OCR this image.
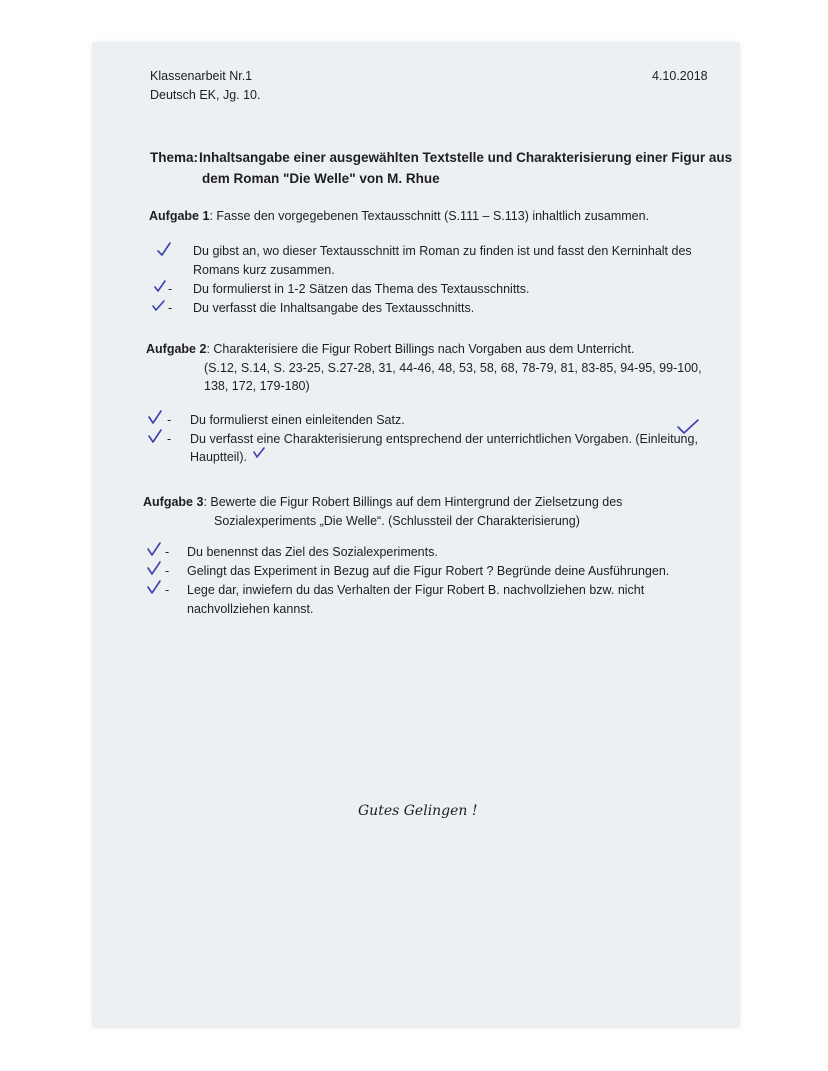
Klassenarbeit Nr.1
Deutsch EK, Jg. 10.
4.10.2018
Thema: Inhaltsangabe einer ausgewählten Textstelle und Charakterisierung einer Figur aus
dem Roman "Die Welle" von M. Rhue
Aufgabe 1: Fasse den vorgegebenen Textausschnitt (S.111 – S.113) inhaltlich zusammen.
Du gibst an, wo dieser Textausschnitt im Roman zu finden ist und fasst den Kerninhalt des
Romans kurz zusammen.
- Du formulierst in 1-2 Sätzen das Thema des Textausschnitts.
- Du verfasst die Inhaltsangabe des Textausschnitts.
Aufgabe 2: Charakterisiere die Figur Robert Billings nach Vorgaben aus dem Unterricht.
(S.12, S.14, S. 23-25, S.27-28, 31, 44-46, 48, 53, 58, 68, 78-79, 81, 83-85, 94-95, 99-100,
138, 172, 179-180)
- Du formulierst einen einleitenden Satz.
- Du verfasst eine Charakterisierung entsprechend der unterrichtlichen Vorgaben. (Einleitung,
Hauptteil).
Aufgabe 3: Bewerte die Figur Robert Billings auf dem Hintergrund der Zielsetzung des
Sozialexperiments „Die Welle“. (Schlussteil der Charakterisierung)
- Du benennst das Ziel des Sozialexperiments.
- Gelingt das Experiment in Bezug auf die Figur Robert ? Begründe deine Ausführungen.
- Lege dar, inwiefern du das Verhalten der Figur Robert B. nachvollziehen bzw. nicht
nachvollziehen kannst.
Gutes Gelingen !
